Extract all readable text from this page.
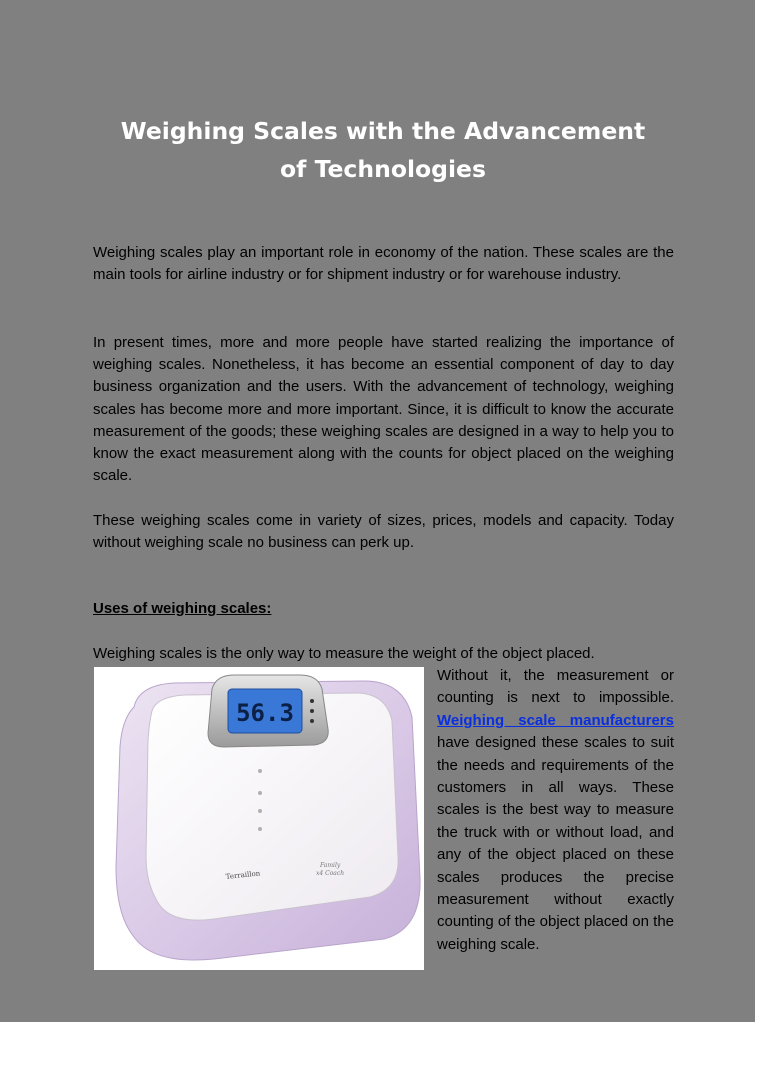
Weighing Scales with the Advancement
of Technologies

Weighing scales play an important role in economy of the nation. These scales are the main tools for airline industry or for shipment industry or for warehouse industry.

In present times, more and more people have started realizing the importance of weighing scales. Nonetheless, it has become an essential component of day to day business organization and the users. With the advancement of technology, weighing scales has become more and more important. Since, it is difficult to know the accurate measurement of the goods; these weighing scales are designed in a way to help you to know the exact measurement along with the counts for object placed on the weighing scale.

These weighing scales come in variety of sizes, prices, models and capacity. Today without weighing scale no business can perk up.

Uses of weighing scales:

Weighing scales is the only way to measure the weight of the object placed.

56.3
Terraillon
Family
x4 Coach

Without it, the measurement or counting is next to impossible. Weighing scale manufacturers have designed these scales to suit the needs and requirements of the customers in all ways. These scales is the best way to measure the truck with or without load, and any of the object placed on these scales produces the precise measurement without exactly counting of the object placed on the weighing scale.
